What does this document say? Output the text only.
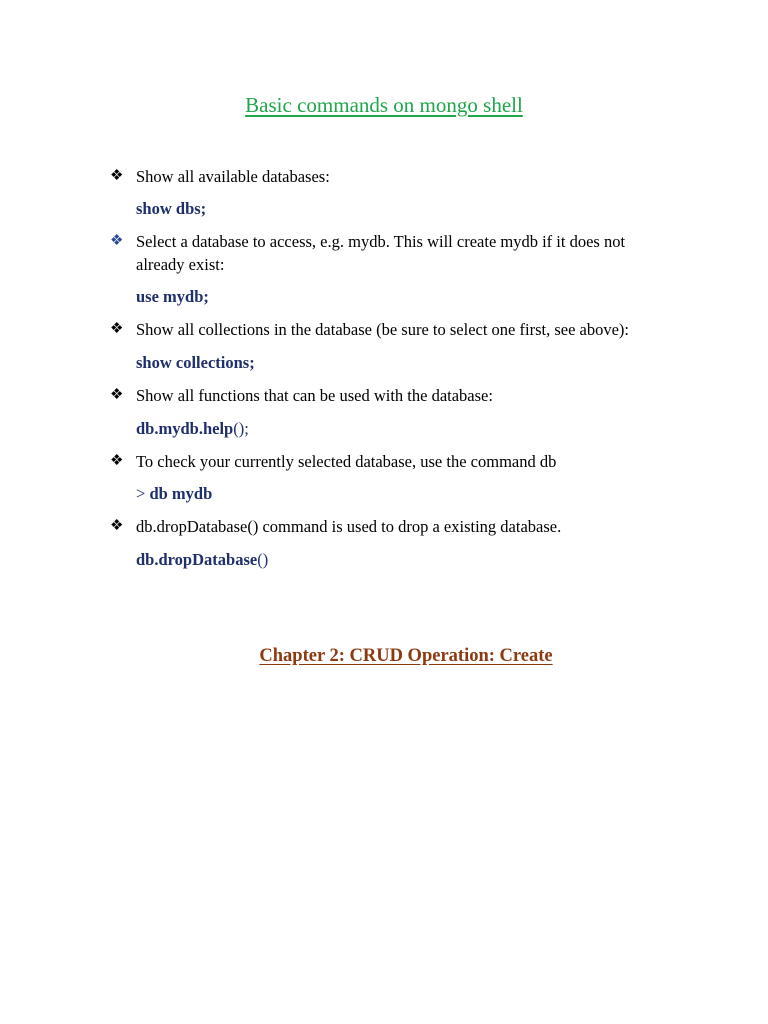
Basic commands on mongo shell
❖ Show all available databases:
show dbs;
❖ Select a database to access, e.g. mydb. This will create mydb if it does not already exist:
use mydb;
❖ Show all collections in the database (be sure to select one first, see above):
show collections;
❖ Show all functions that can be used with the database:
db.mydb.help();
❖ To check your currently selected database, use the command db
> db mydb
❖ db.dropDatabase() command is used to drop a existing database.
db.dropDatabase()
Chapter 2: CRUD Operation: Create
